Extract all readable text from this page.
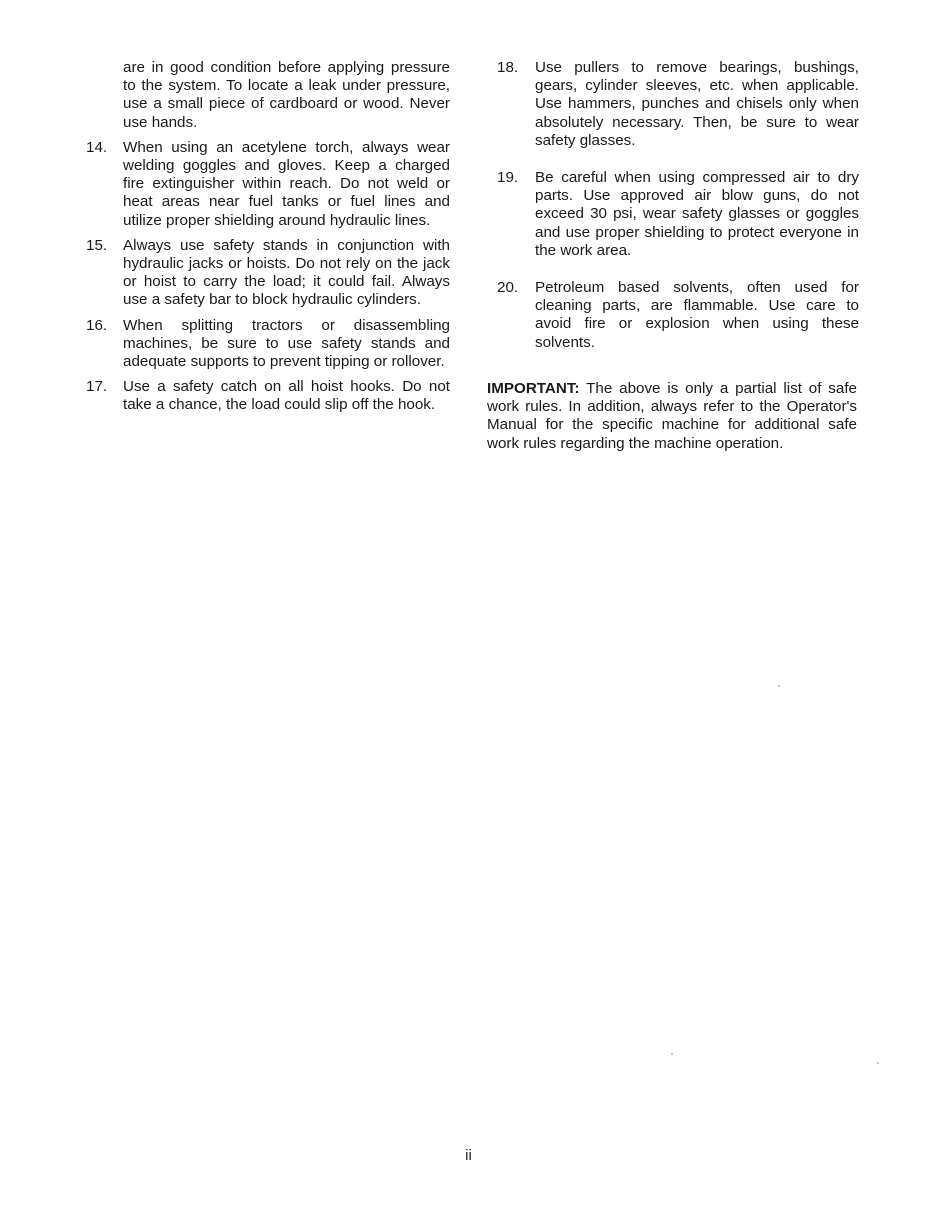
are in good condition before applying pressure to the system. To locate a leak under pressure, use a small piece of cardboard or wood. Never use hands.
14.	When using an acetylene torch, always wear welding goggles and gloves. Keep a charged fire extinguisher within reach. Do not weld or heat areas near fuel tanks or fuel lines and utilize proper shielding around hydraulic lines.
15.	Always use safety stands in conjunction with hydraulic jacks or hoists. Do not rely on the jack or hoist to carry the load; it could fail. Always use a safety bar to block hydraulic cylinders.
16.	When splitting tractors or disassembling machines, be sure to use safety stands and adequate supports to prevent tipping or rollover.
17.	Use a safety catch on all hoist hooks. Do not take a chance, the load could slip off the hook.
18.	Use pullers to remove bearings, bushings, gears, cylinder sleeves, etc. when applicable. Use hammers, punches and chisels only when absolutely necessary. Then, be sure to wear safety glasses.
19.	Be careful when using compressed air to dry parts. Use approved air blow guns, do not exceed 30 psi, wear safety glasses or goggles and use proper shielding to protect everyone in the work area.
20.	Petroleum based solvents, often used for cleaning parts, are flammable. Use care to avoid fire or explosion when using these solvents.

IMPORTANT: The above is only a partial list of safe work rules. In addition, always refer to the Operator's Manual for the specific machine for additional safe work rules regarding the machine operation.

ii
